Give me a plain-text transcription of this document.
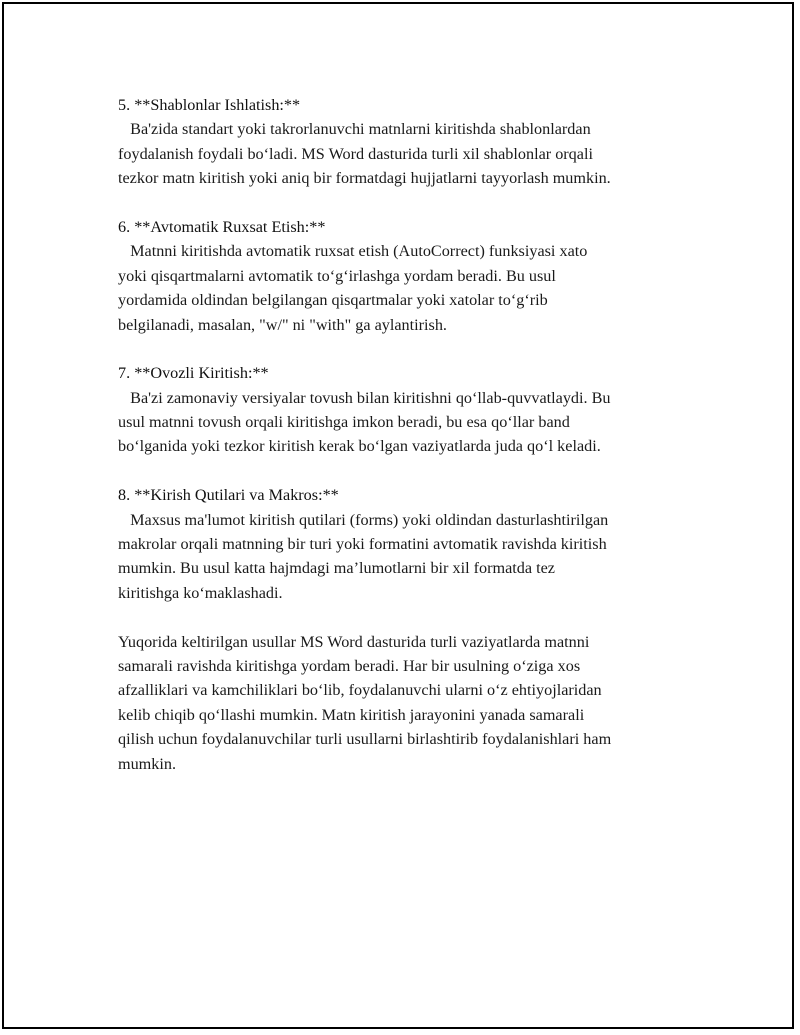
5. **Shablonlar Ishlatish:**
Ba'zida standart yoki takrorlanuvchi matnlarni kiritishda shablonlardan
foydalanish foydali bo‘ladi. MS Word dasturida turli xil shablonlar orqali
tezkor matn kiritish yoki aniq bir formatdagi hujjatlarni tayyorlash mumkin.
6. **Avtomatik Ruxsat Etish:**
Matnni kiritishda avtomatik ruxsat etish (AutoCorrect) funksiyasi xato
yoki qisqartmalarni avtomatik to‘g‘irlashga yordam beradi. Bu usul
yordamida oldindan belgilangan qisqartmalar yoki xatolar to‘g‘rib
belgilanadi, masalan, "w/" ni "with" ga aylantirish.
7. **Ovozli Kiritish:**
Ba'zi zamonaviy versiyalar tovush bilan kiritishni qo‘llab-quvvatlaydi. Bu
usul matnni tovush orqali kiritishga imkon beradi, bu esa qo‘llar band
bo‘lganida yoki tezkor kiritish kerak bo‘lgan vaziyatlarda juda qo‘l keladi.
8. **Kirish Qutilari va Makros:**
Maxsus ma'lumot kiritish qutilari (forms) yoki oldindan dasturlashtirilgan
makrolar orqali matnning bir turi yoki formatini avtomatik ravishda kiritish
mumkin. Bu usul katta hajmdagi ma’lumotlarni bir xil formatda tez
kiritishga ko‘maklashadi.
Yuqorida keltirilgan usullar MS Word dasturida turli vaziyatlarda matnni
samarali ravishda kiritishga yordam beradi. Har bir usulning o‘ziga xos
afzalliklari va kamchiliklari bo‘lib, foydalanuvchi ularni o‘z ehtiyojlaridan
kelib chiqib qo‘llashi mumkin. Matn kiritish jarayonini yanada samarali
qilish uchun foydalanuvchilar turli usullarni birlashtirib foydalanishlari ham
mumkin.
